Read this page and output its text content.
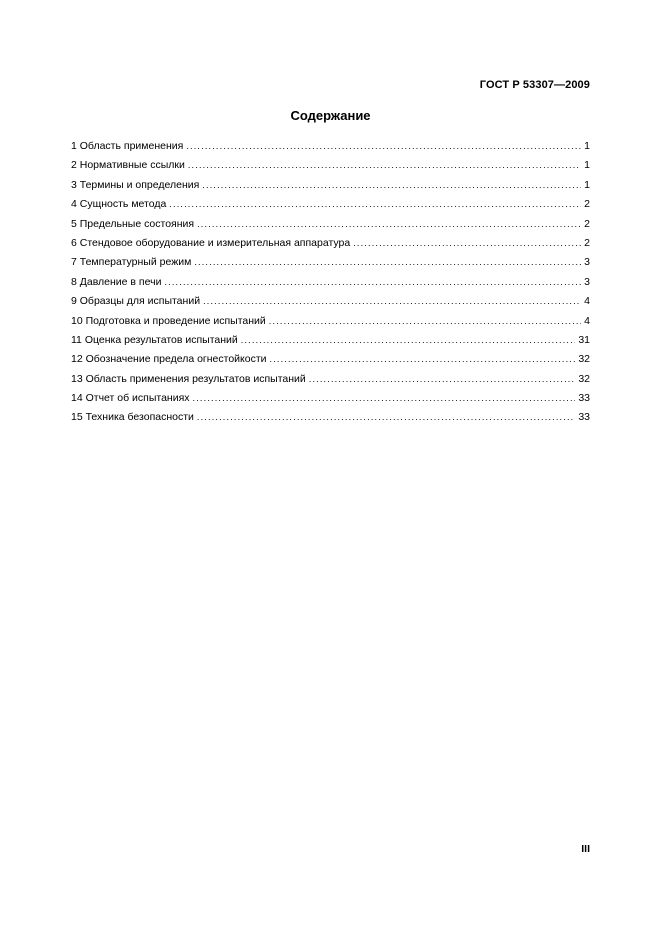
ГОСТ Р 53307—2009
Содержание
1 Область применения .....	1
2 Нормативные ссылки .....	1
3 Термины и определения .....	1
4 Сущность метода .....	2
5 Предельные состояния .....	2
6 Стендовое оборудование и измерительная аппаратура .....	2
7 Температурный режим .....	3
8 Давление в печи .....	3
9 Образцы для испытаний .....	4
10 Подготовка и проведение испытаний .....	4
11 Оценка результатов испытаний .....	31
12 Обозначение предела огнестойкости .....	32
13 Область применения результатов испытаний .....	32
14 Отчет об испытаниях .....	33
15 Техника безопасности .....	33
III
